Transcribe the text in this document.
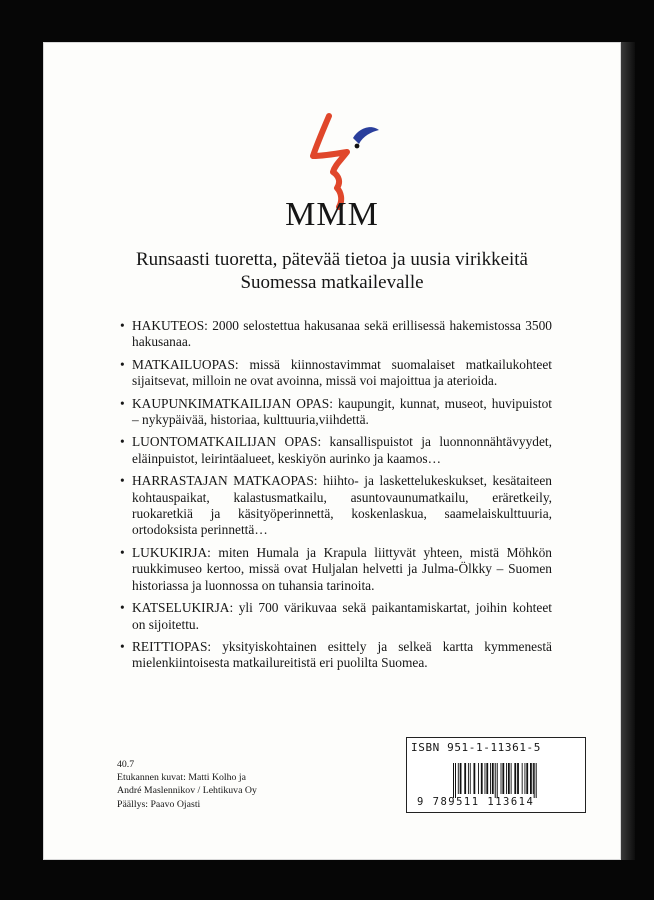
MMM
Runsaasti tuoretta, pätevää tietoa ja uusia virikkeitä
Suomessa matkailevalle
• HAKUTEOS: 2000 selostettua hakusanaa sekä erillisessä hakemistossa 3500 hakusanaa.
• MATKAILUOPAS: missä kiinnostavimmat suomalaiset matkailukohteet sijaitsevat, milloin ne ovat avoinna, missä voi majoittua ja aterioida.
• KAUPUNKIMATKAILIJAN OPAS: kaupungit, kunnat, museot, huvipuistot – nykypäivää, historiaa, kulttuuria,viihdettä.
• LUONTOMATKAILIJAN OPAS: kansallispuistot ja luonnonnähtävyydet, eläinpuistot, leirintäalueet, keskiyön aurinko ja kaamos…
• HARRASTAJAN MATKAOPAS: hiihto- ja laskettelukeskukset, kesätaiteen kohtauspaikat, kalastusmatkailu, asuntovaunumatkailu, eräretkeily, ruokaretkiä ja käsityöperinnettä, koskenlaskua, saamelaiskulttuuria, ortodoksista perinnettä…
• LUKUKIRJA: miten Humala ja Krapula liittyvät yhteen, mistä Möhkön ruukkimuseo kertoo, missä ovat Huljalan helvetti ja Julma-Ölkky – Suomen historiassa ja luonnossa on tuhansia tarinoita.
• KATSELUKIRJA: yli 700 värikuvaa sekä paikantamiskartat, joihin kohteet on sijoitettu.
• REITTIOPAS: yksityiskohtainen esittely ja selkeä kartta kymmenestä mielenkiintoisesta matkailureitistä eri puolilta Suomea.
40.7
Etukannen kuvat: Matti Kolho ja
André Maslennikov / Lehtikuva Oy
Päällys: Paavo Ojasti
ISBN 951-1-11361-5
9 789511 113614
